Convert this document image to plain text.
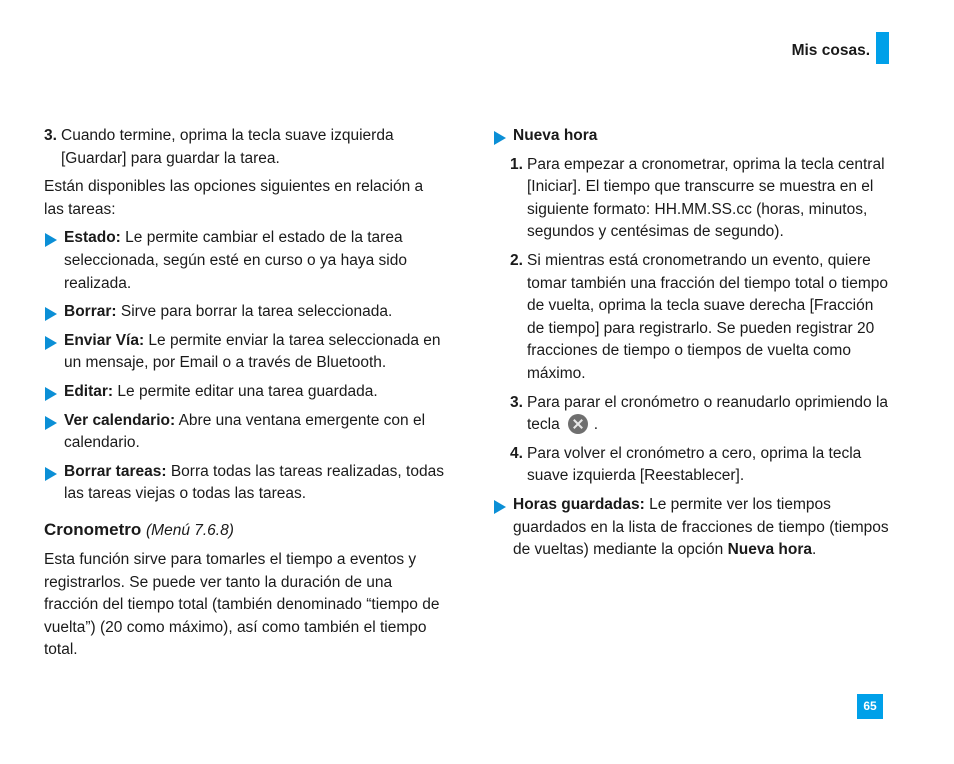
Mis cosas.
3. Cuando termine, oprima la tecla suave izquierda [Guardar] para guardar la tarea.

Están disponibles las opciones siguientes en relación a las tareas:

Estado: Le permite cambiar el estado de la tarea seleccionada, según esté en curso o ya haya sido realizada.
Borrar: Sirve para borrar la tarea seleccionada.
Enviar Vía: Le permite enviar la tarea seleccionada en un mensaje, por Email o a través de Bluetooth.
Editar: Le permite editar una tarea guardada.
Ver calendario: Abre una ventana emergente con el calendario.
Borrar tareas: Borra todas las tareas realizadas, todas las tareas viejas o todas las tareas.
Cronometro (Menú 7.6.8)

Esta función sirve para tomarles el tiempo a eventos y registrarlos. Se puede ver tanto la duración de una fracción del tiempo total (también denominado “tiempo de vuelta”) (20 como máximo), así como también el tiempo total.

Nueva hora
1. Para empezar a cronometrar, oprima la tecla central [Iniciar]. El tiempo que transcurre se muestra en el siguiente formato: HH.MM.SS.cc (horas, minutos, segundos y centésimas de segundo).
2. Si mientras está cronometrando un evento, quiere tomar también una fracción del tiempo total o tiempo de vuelta, oprima la tecla suave derecha [Fracción de tiempo] para registrarlo. Se pueden registrar 20 fracciones de tiempo o tiempos de vuelta como máximo.
3. Para parar el cronómetro o reanudarlo oprimiendo la tecla .
4. Para volver el cronómetro a cero, oprima la tecla suave izquierda [Reestablecer].
Horas guardadas: Le permite ver los tiempos guardados en la lista de fracciones de tiempo (tiempos de vueltas) mediante la opción Nueva hora.
65
